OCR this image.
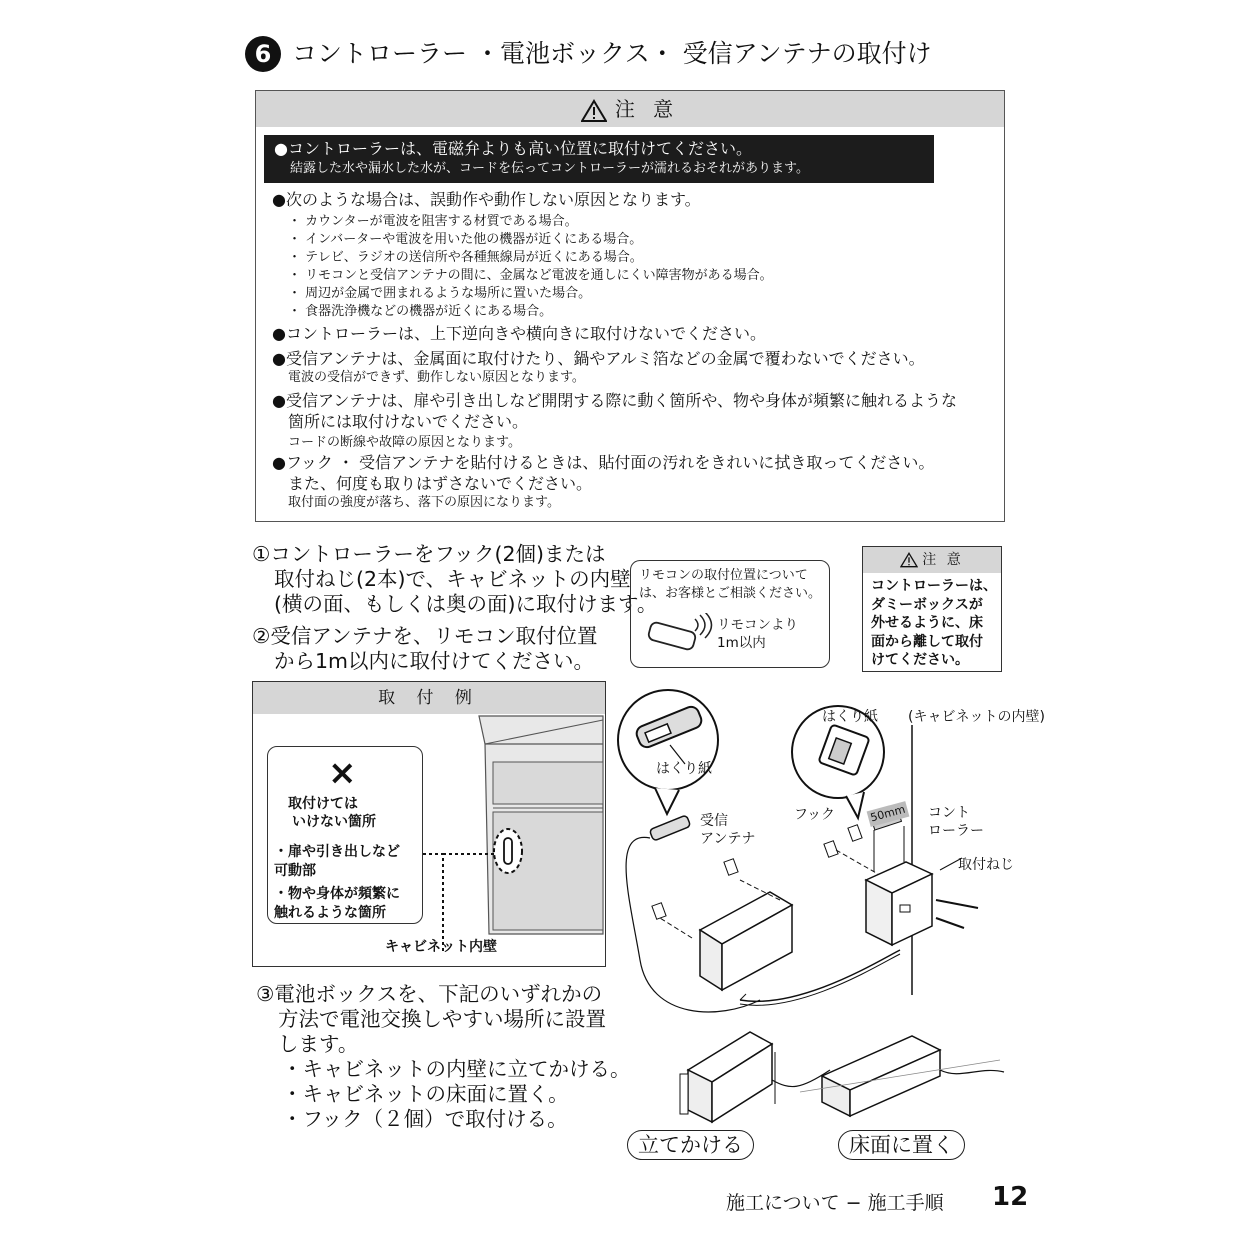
6 コントローラー ・電池ボックス・ 受信アンテナの取付け
注 意
●コントローラーは、電磁弁よりも高い位置に取付けてください。
結露した水や漏水した水が、コードを伝ってコントローラーが濡れるおそれがあります。
●次のような場合は、誤動作や動作しない原因となります。
・ カウンターが電波を阻害する材質である場合。
・ インバーターや電波を用いた他の機器が近くにある場合。
・ テレビ、ラジオの送信所や各種無線局が近くにある場合。
・ リモコンと受信アンテナの間に、金属など電波を通しにくい障害物がある場合。
・ 周辺が金属で囲まれるような場所に置いた場合。
・ 食器洗浄機などの機器が近くにある場合。
●コントローラーは、上下逆向きや横向きに取付けないでください。
●受信アンテナは、金属面に取付けたり、鍋やアルミ箔などの金属で覆わないでください。
電波の受信ができず、動作しない原因となります。
●受信アンテナは、扉や引き出しなど開閉する際に動く箇所や、物や身体が頻繁に触れるような
箇所には取付けないでください。
コードの断線や故障の原因となります。
●フック ・ 受信アンテナを貼付けるときは、貼付面の汚れをきれいに拭き取ってください。
また、何度も取りはずさないでください。
取付面の強度が落ち、落下の原因になります。
①コントローラーをフック(2個)または
取付ねじ(2本)で、キャビネットの内壁
(横の面、もしくは奥の面)に取付けます。
②受信アンテナを、リモコン取付位置
から1m以内に取付けてください。
リモコンの取付位置について
は、お客様とご相談ください。
リモコンより
1m以内
注 意
コントローラーは、
ダミーボックスが
外せるように、床
面から離して取付
けてください。
取 付 例
×
取付けては
いけない箇所
・扉や引き出しなど
可動部
・物や身体が頻繁に
触れるような箇所
キャビネット内壁
③電池ボックスを、下記のいずれかの
方法で電池交換しやすい場所に設置
します。
・キャビネットの内壁に立てかける。
・キャビネットの床面に置く。
・フック（２個）で取付ける。
はくり紙
はくり紙 (キャビネットの内壁)
受信
アンテナ
フック	50mm コント
ローラー
取付ねじ
立てかける	床面に置く
施工について − 施工手順 12
